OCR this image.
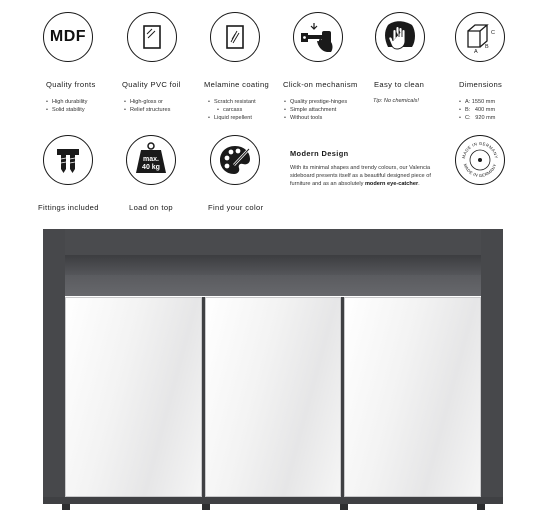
MDF
A
B
C
Quality fronts
• High durability
• Solid stability
Quality PVC foil
• High-gloss or
• Relief structures
Melamine coating
• Scratch resistant
• carcass
• Liquid repellent
Click-on mechanism
• Quality prestige-hinges
• Simple attachment
• Without tools
Easy to clean
Tip: No chemicals!
Dimensions
• A: 1550 mm
• B:   400 mm
• C:   920 mm
max.
40 kg
Fittings included	Load on top	Find your color
Modern Design
With its minimal shapes and trendy colours, our Valencia sideboard presents itself as a beautiful designed piece of furniture and as an absolutely modern eye-catcher.
MADE IN GERMANY
MADE IN GERMANY
